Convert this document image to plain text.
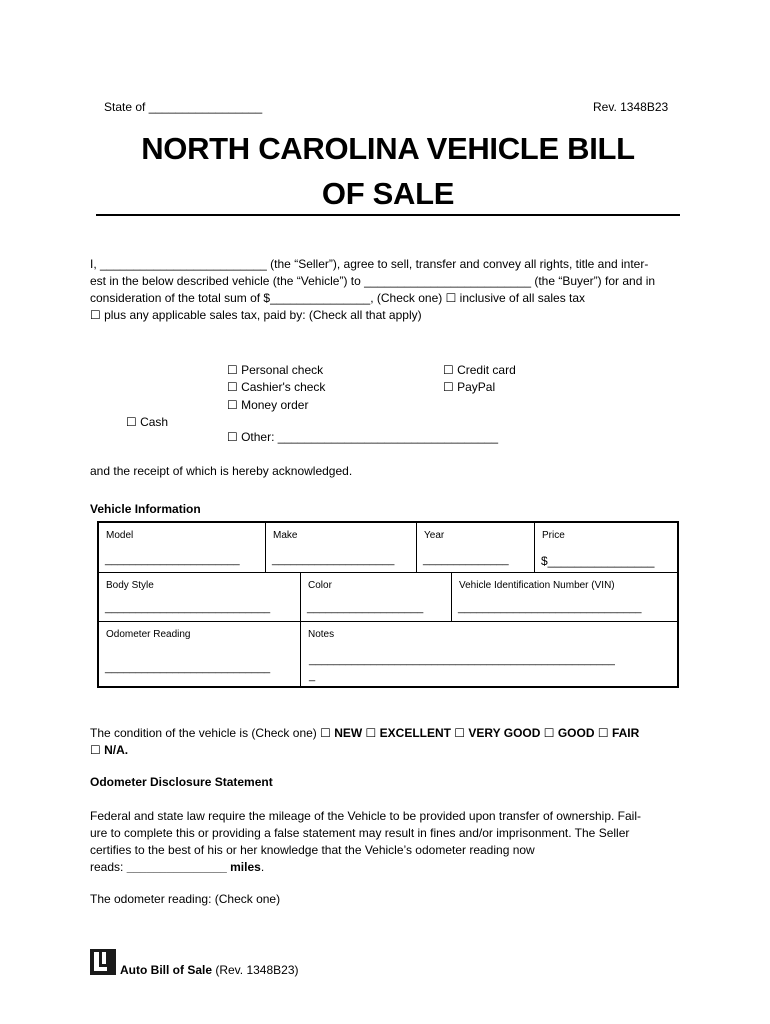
State of _________________	Rev. 1348B23
NORTH CAROLINA VEHICLE BILL
OF SALE
I, _________________________ (the “Seller”), agree to sell, transfer and convey all rights, title and inter-
est in the below described vehicle (the “Vehicle”) to _________________________ (the “Buyer”) for and in
consideration of the total sum of $_______________, (Check one) ☐ inclusive of all sales tax
☐ plus any applicable sales tax, paid by: (Check all that apply)
☐ Cash
☐ Personal check
☐ Cashier's check
☐ Money order
☐ Other: _________________________________
☐ Credit card
☐ PayPal
and the receipt of which is hereby acknowledged.
Vehicle Information
Model
______________________
Make
____________________
Year
______________
Price
$________________
Body Style
___________________________
Color
___________________
Vehicle Identification Number (VIN)
______________________________
Odometer Reading
___________________________
Notes
__________________________________________________
_
The condition of the vehicle is (Check one) ☐ NEW ☐ EXCELLENT ☐ VERY GOOD ☐ GOOD ☐ FAIR
☐ N/A.
Odometer Disclosure Statement
Federal and state law require the mileage of the Vehicle to be provided upon transfer of ownership. Fail-
ure to complete this or providing a false statement may result in fines and/or imprisonment. The Seller
certifies to the best of his or her knowledge that the Vehicle’s odometer reading now
reads: _______________ miles.
The odometer reading: (Check one)
Auto Bill of Sale (Rev. 1348B23)
